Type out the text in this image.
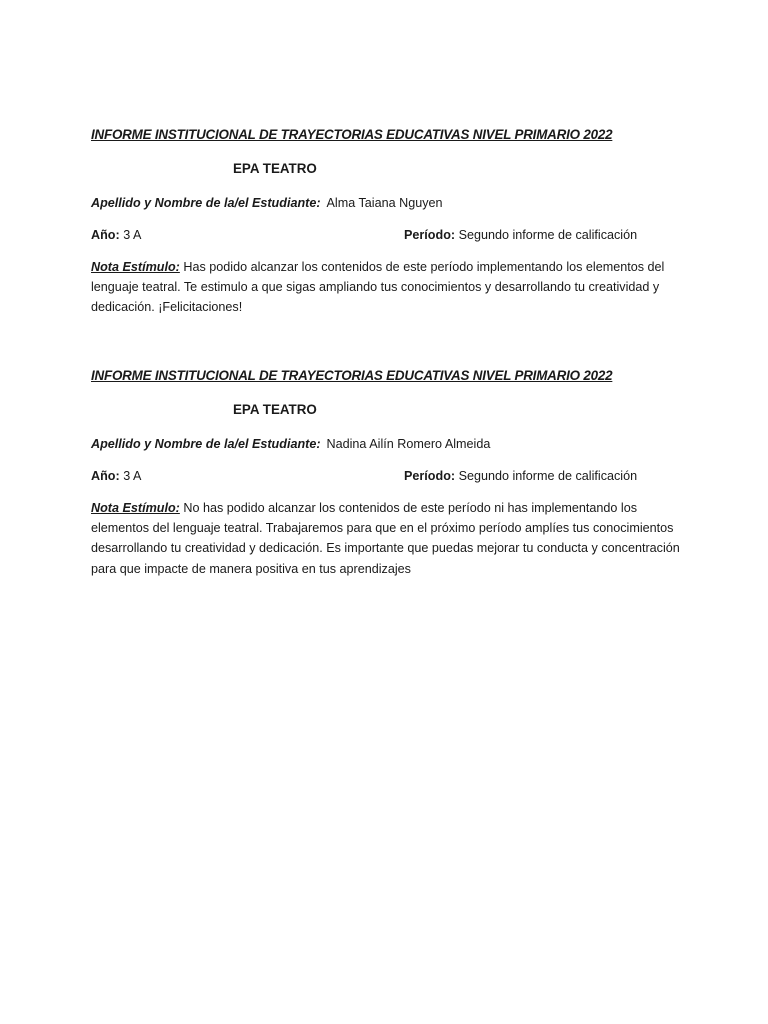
INFORME INSTITUCIONAL DE TRAYECTORIAS EDUCATIVAS NIVEL PRIMARIO 2022

EPA TEATRO

Apellido y Nombre de la/el Estudiante: Alma Taiana Nguyen
Año: 3 A	Período: Segundo informe de calificación
Nota Estímulo: Has podido alcanzar los contenidos de este período implementando los elementos del lenguaje teatral. Te estimulo a que sigas ampliando tus conocimientos y desarrollando tu creatividad y dedicación. ¡Felicitaciones!

INFORME INSTITUCIONAL DE TRAYECTORIAS EDUCATIVAS NIVEL PRIMARIO 2022

EPA TEATRO

Apellido y Nombre de la/el Estudiante: Nadina Ailín Romero Almeida
Año: 3 A	Período: Segundo informe de calificación
Nota Estímulo: No has podido alcanzar los contenidos de este período ni has implementando los elementos del lenguaje teatral. Trabajaremos para que en el próximo período amplíes tus conocimientos desarrollando tu creatividad y dedicación. Es importante que puedas mejorar tu conducta y concentración para que impacte de manera positiva en tus aprendizajes
